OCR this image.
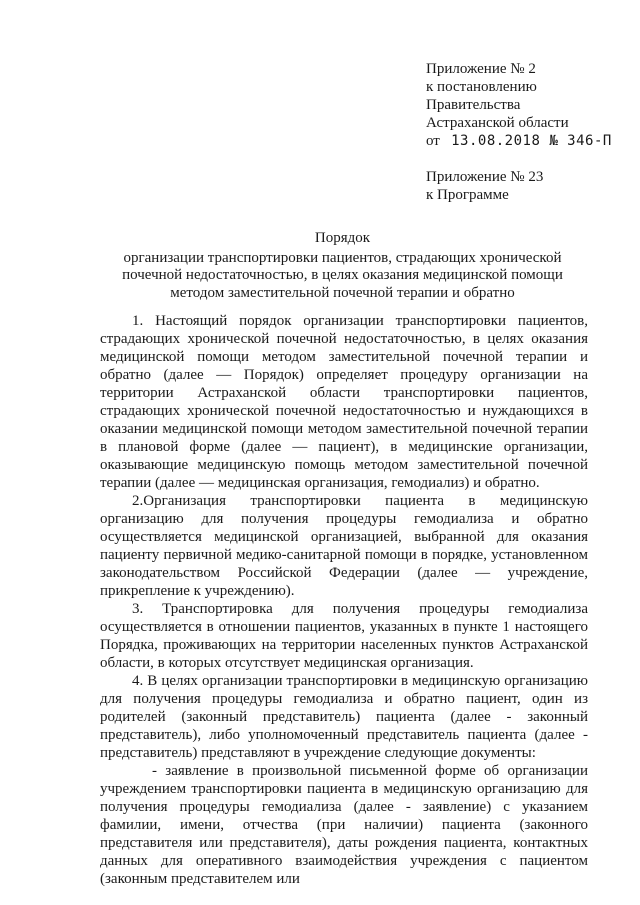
Приложение № 2
к постановлению
Правительства
Астраханской области
от 13.08.2018 № 346-П
Приложение № 23
к Программе
Порядок
организации транспортировки пациентов, страдающих хронической почечной недостаточностью, в целях оказания медицинской помощи методом заместительной почечной терапии и обратно

1. Настоящий порядок организации транспортировки пациентов, страдающих хронической почечной недостаточностью, в целях оказания медицинской помощи методом заместительной почечной терапии и обратно (далее — Порядок) определяет процедуру организации на территории Астраханской области транспортировки пациентов, страдающих хронической почечной недостаточностью и нуждающихся в оказании медицинской помощи методом заместительной почечной терапии в плановой форме (далее — пациент), в медицинские организации, оказывающие медицинскую помощь методом заместительной почечной терапии (далее — медицинская организация, гемодиализ) и обратно.

2.Организация транспортировки пациента в медицинскую организацию для получения процедуры гемодиализа и обратно осуществляется медицинской организацией, выбранной для оказания пациенту первичной медико-санитарной помощи в порядке, установленном законодательством Российской Федерации (далее — учреждение, прикрепление к учреждению).

3. Транспортировка для получения процедуры гемодиализа осуществляется в отношении пациентов, указанных в пункте 1 настоящего Порядка, проживающих на территории населенных пунктов Астраханской области, в которых отсутствует медицинская организация.

4. В целях организации транспортировки в медицинскую организацию для получения процедуры гемодиализа и обратно пациент, один из родителей (законный представитель) пациента (далее - законный представитель), либо уполномоченный представитель пациента (далее - представитель) представляют в учреждение следующие документы:

- заявление в произвольной письменной форме об организации учреждением транспортировки пациента в медицинскую организацию для получения процедуры гемодиализа (далее - заявление) с указанием фамилии, имени, отчества (при наличии) пациента (законного представителя или представителя), даты рождения пациента, контактных данных для оперативного взаимодействия учреждения с пациентом (законным представителем или
